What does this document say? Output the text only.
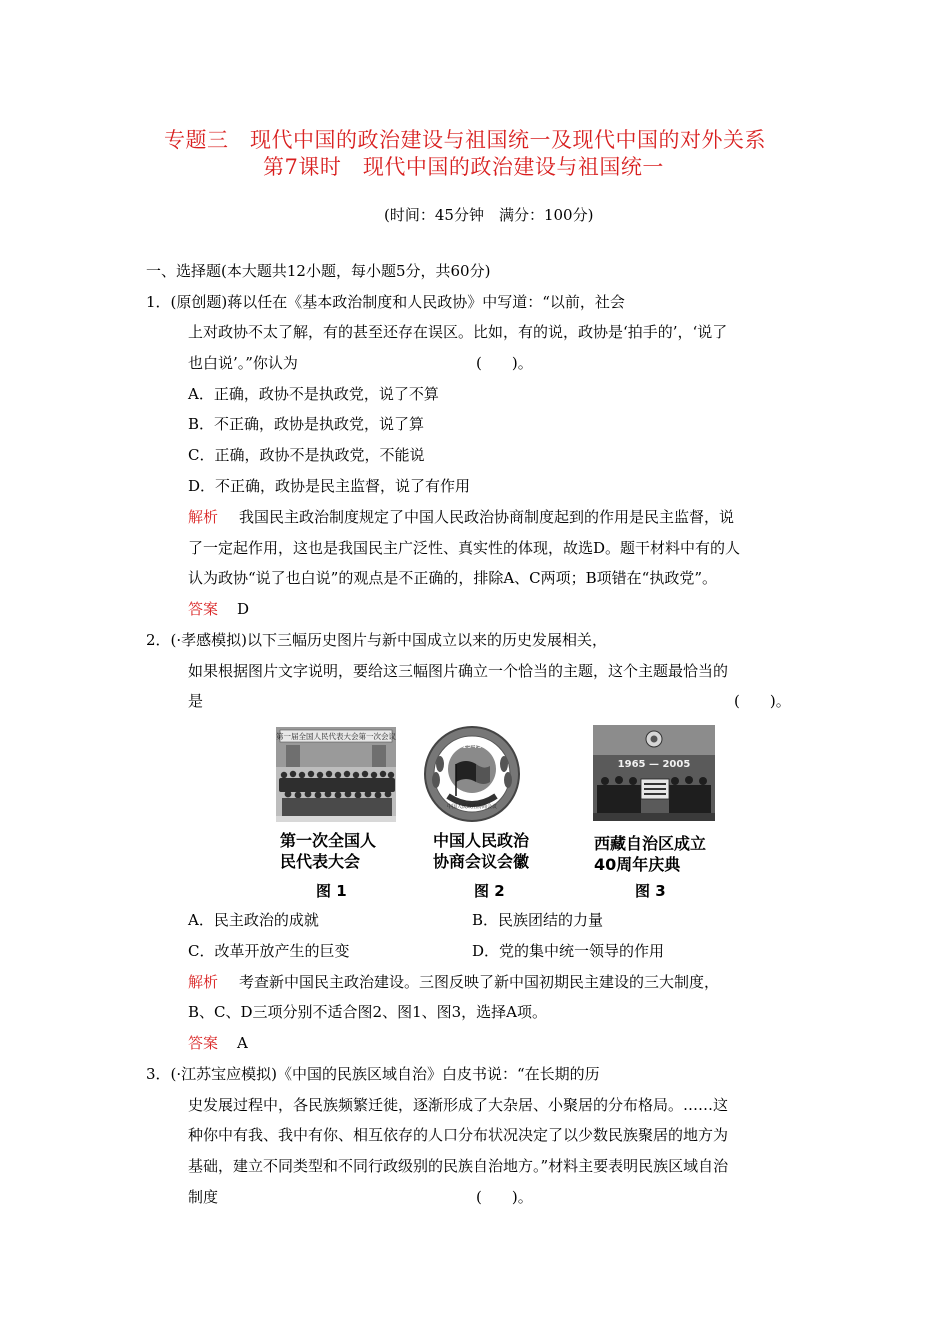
专题三　现代中国的政治建设与祖国统一及现代中国的对外关系
第7课时　现代中国的政治建设与祖国统一
(时间：45分钟　满分：100分)
一、选择题(本大题共12小题，每小题5分，共60分)
1．(原创题)蒋以任在《基本政治制度和人民政协》中写道：“以前，社会
上对政协不太了解，有的甚至还存在误区。比如，有的说，政协是‘拍手的’，‘说了
也白说’。”你认为	(　　)。
A．正确，政协不是执政党，说了不算
B．不正确，政协是执政党，说了算
C．正确，政协不是执政党，不能说
D．不正确，政协是民主监督，说了有作用
解析 我国民主政治制度规定了中国人民政治协商制度起到的作用是民主监督，说
了一定起作用，这也是我国民主广泛性、真实性的体现，故选D。题干材料中有的人
认为政协“说了也白说”的观点是不正确的，排除A、C两项；B项错在“执政党”。
答案 D
2．(·孝感模拟)以下三幅历史图片与新中国成立以来的历史发展相关，
如果根据图片文字说明，要给这三幅图片确立一个恰当的主题，这个主题最恰当的
是	(　　)。
第一届全国人民代表大会第一次会议
1949
中国人民政治协商会议
1965 — 2005
第一次全国人
民代表大会
中国人民政治
协商会议会徽
西藏自治区成立
40周年庆典
图 1	图 2	图 3
A．民主政治的成就	B．民族团结的力量
C．改革开放产生的巨变	D．党的集中统一领导的作用
解析 考查新中国民主政治建设。三图反映了新中国初期民主建设的三大制度，
B、C、D三项分别不适合图2、图1、图3，选择A项。
答案 A
3．(·江苏宝应模拟)《中国的民族区域自治》白皮书说：“在长期的历
史发展过程中，各民族频繁迁徙，逐渐形成了大杂居、小聚居的分布格局。……这
种你中有我、我中有你、相互依存的人口分布状况决定了以少数民族聚居的地方为
基础，建立不同类型和不同行政级别的民族自治地方。”材料主要表明民族区域自治
制度	(　　)。
